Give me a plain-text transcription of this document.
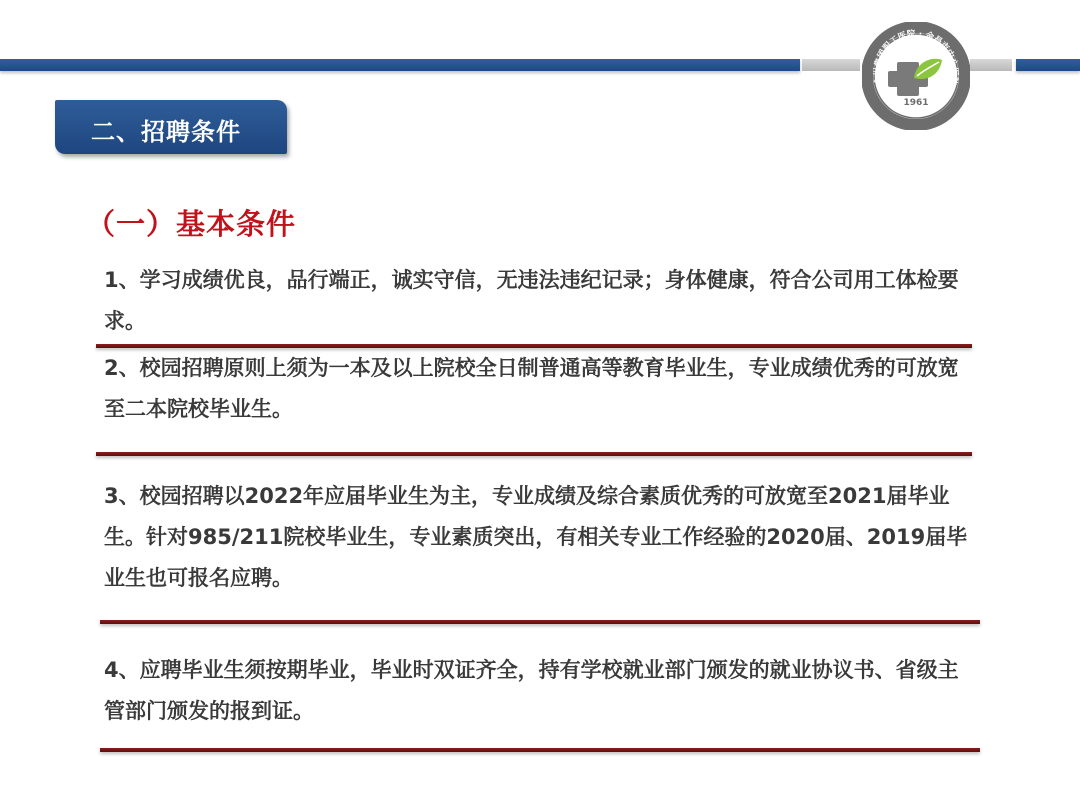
金川集团职工医院 · 金昌市中心医院
1961
二、招聘条件
（一）基本条件
1、学习成绩优良，品行端正，诚实守信，无违法违纪记录；身体健康，符合公司用工体检要求。
2、校园招聘原则上须为一本及以上院校全日制普通高等教育毕业生，专业成绩优秀的可放宽至二本院校毕业生。
3、校园招聘以2022年应届毕业生为主，专业成绩及综合素质优秀的可放宽至2021届毕业生。针对985/211院校毕业生，专业素质突出，有相关专业工作经验的2020届、2019届毕业生也可报名应聘。
4、应聘毕业生须按期毕业，毕业时双证齐全，持有学校就业部门颁发的就业协议书、省级主管部门颁发的报到证。
